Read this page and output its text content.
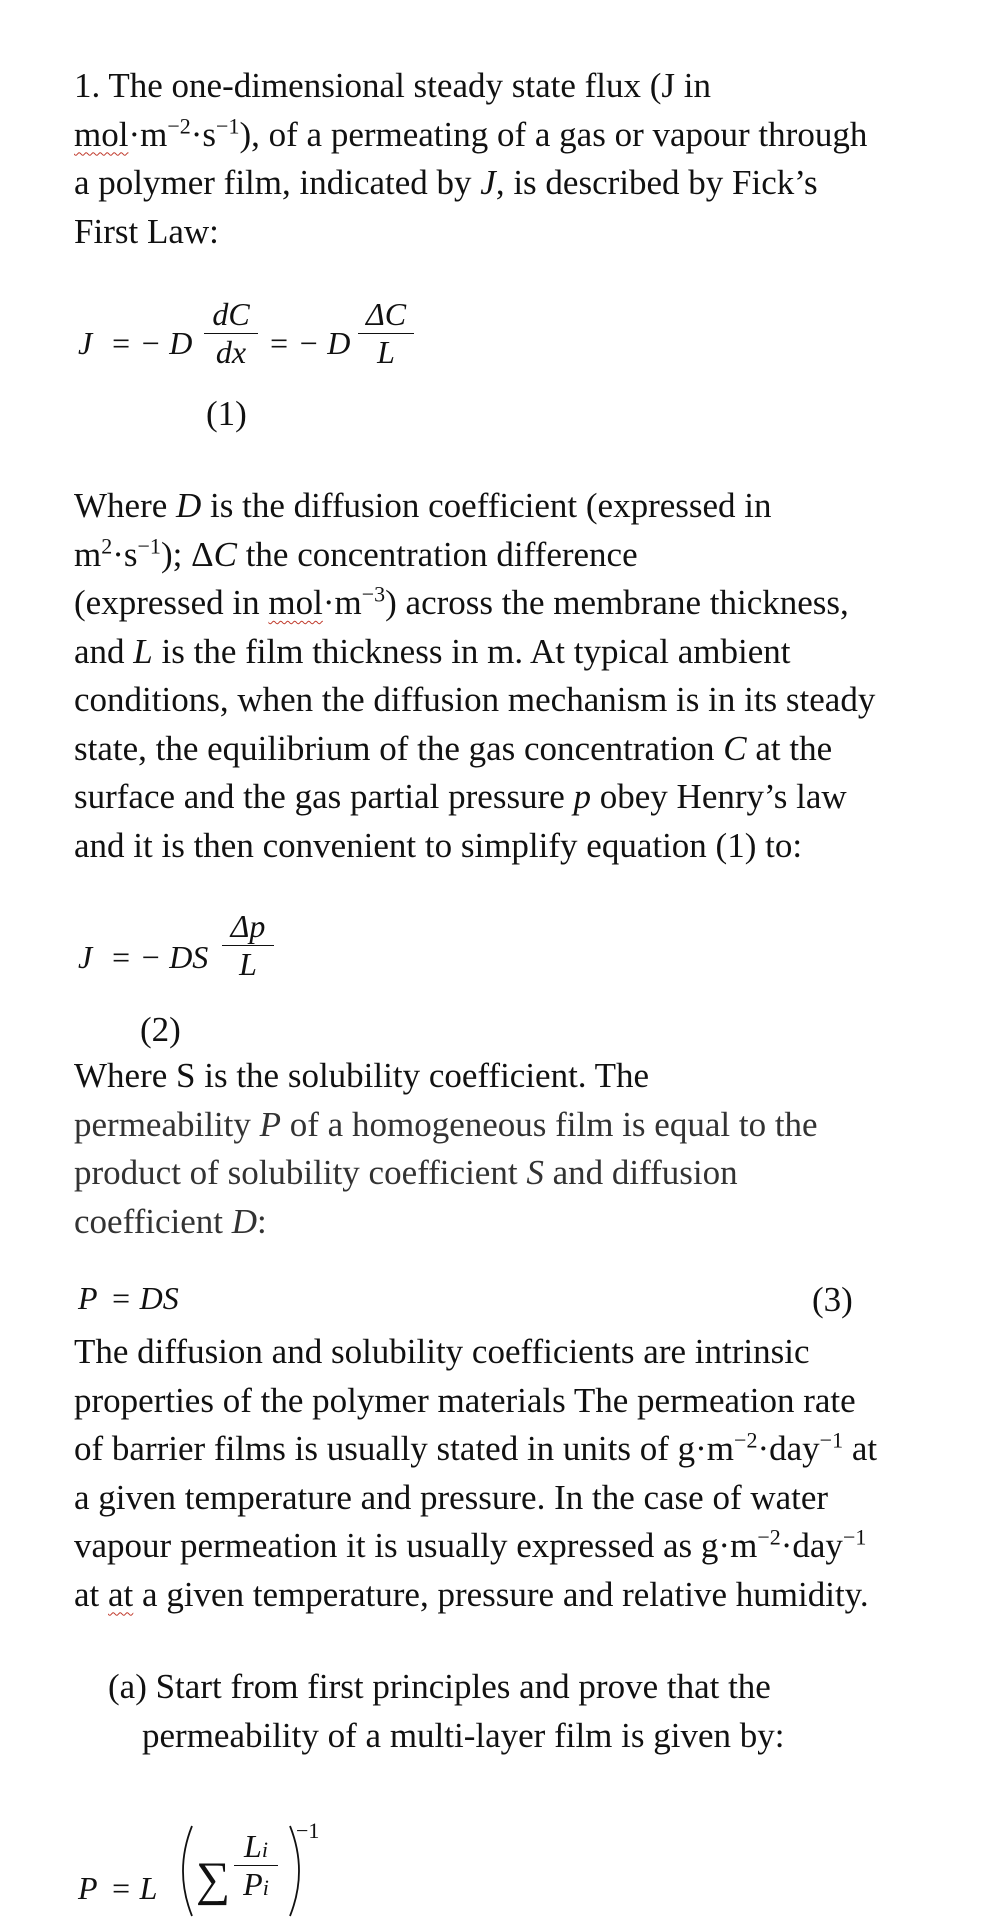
1. The one-dimensional steady state flux (J in
$mol\cdot m^{-2}\cdot s^{-1}$), of a permeating of a gas or vapour through
a polymer film, indicated by J, is described by Fick’s
First Law:
J = − D
dC
dx = − D
ΔC
L
(1)
Where D is the diffusion coefficient (expressed in
$m^2\cdot s^{-1}$); ΔC the concentration difference
(expressed in $mol\cdot m^{-3}$) across the membrane thickness,
and L is the film thickness in m. At typical ambient
conditions, when the diffusion mechanism is in its steady
state, the equilibrium of the gas concentration C at the
surface and the gas partial pressure p obey Henry’s law
and it is then convenient to simplify equation (1) to:
J = − DS
Δp
L
(2)
Where S is the solubility coefficient. The
permeability P of a homogeneous film is equal to the
product of solubility coefficient S and diffusion
coefficient D:
P = DS	(3)
The diffusion and solubility coefficients are intrinsic
properties of the polymer materials The permeation rate
of barrier films is usually stated in units of $g\cdot m^{-2}\cdot day^{-1}$ at
a given temperature and pressure. In the case of water
vapour permeation it is usually expressed as $g\cdot m^{-2}\cdot day^{-1}$
at at a given temperature, pressure and relative humidity.
(a) Start from first principles and prove that the
permeability of a multi-layer film is given by:
P = L ∑
Li
Pi
−1
